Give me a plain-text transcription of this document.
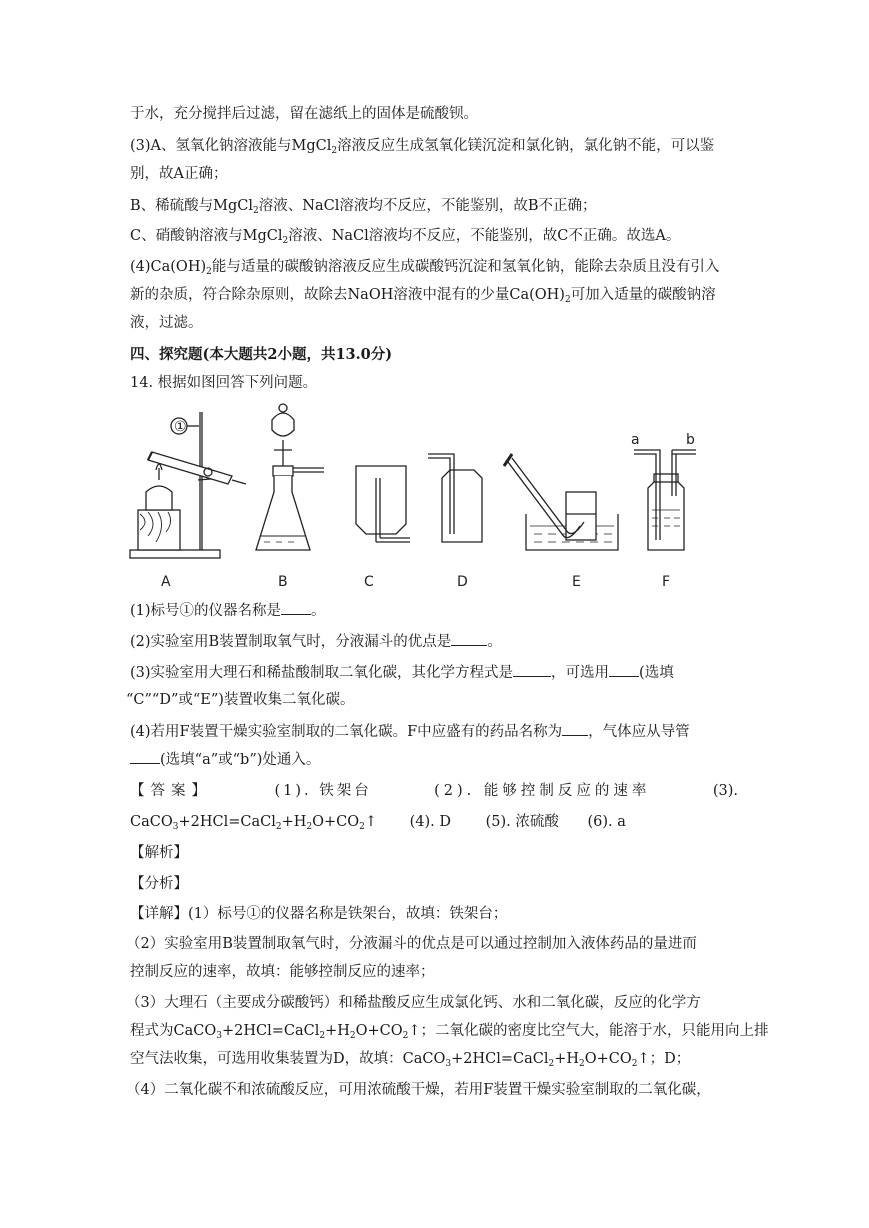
于水，充分搅拌后过滤，留在滤纸上的固体是硫酸钡。
(3)A、氢氧化钠溶液能与MgCl$_2$溶液反应生成氢氧化镁沉淀和氯化钠，氯化钠不能，可以鉴
别，故A正确；
B、稀硫酸与MgCl$_2$溶液、NaCl溶液均不反应，不能鉴别，故B不正确；
C、硝酸钠溶液与MgCl$_2$溶液、NaCl溶液均不反应，不能鉴别，故C不正确。故选A。
$(4)Ca(OH)_2$能与适量的碳酸钠溶液反应生成碳酸钙沉淀和氢氧化钠，能除去杂质且没有引入
新的杂质，符合除杂原则，故除去NaOH溶液中混有的少量$Ca(OH)_2$可加入适量的碳酸钠溶
液，过滤。
四、探究题(本大题共2小题，共13.0分)
14. 根据如图回答下列问题。
①
A	B	C	D	E
a	b
F
(1)标号①的仪器名称是 。
(2)实验室用B装置制取氧气时，分液漏斗的优点是 。
(3)实验室用大理石和稀盐酸制取二氧化碳，其化学方程式是	，可选用 (选填
“C”“D”或“E”)装置收集二氧化碳。
(4)若用F装置干燥实验室制取的二氧化碳。F中应盛有的药品名称为 ，气体应从导管
(选填“a”或“b”)处通入。
【答案】	(1). 铁架台	(2). 能够控制反应的速率	(3).
$CaCO_3+2HCl=CaCl_2+H_2O+CO_2↑$ (4). D (5). 浓硫酸 (6). a
【解析】
【分析】
【详解】(1）标号①的仪器名称是铁架台，故填：铁架台；
（2）实验室用B装置制取氧气时，分液漏斗的优点是可以通过控制加入液体药品的量进而
控制反应的速率，故填：能够控制反应的速率；
（3）大理石（主要成分碳酸钙）和稀盐酸反应生成氯化钙、水和二氧化碳，反应的化学方
程式为$CaCO_3+2HCl=CaCl_2+H_2O+CO_2↑$；二氧化碳的密度比空气大，能溶于水，只能用向上排
空气法收集，可选用收集装置为D，故填：$CaCO_3+2HCl=CaCl_2+H_2O+CO_2↑$；D；
（4）二氧化碳不和浓硫酸反应，可用浓硫酸干燥，若用F装置干燥实验室制取的二氧化碳，
